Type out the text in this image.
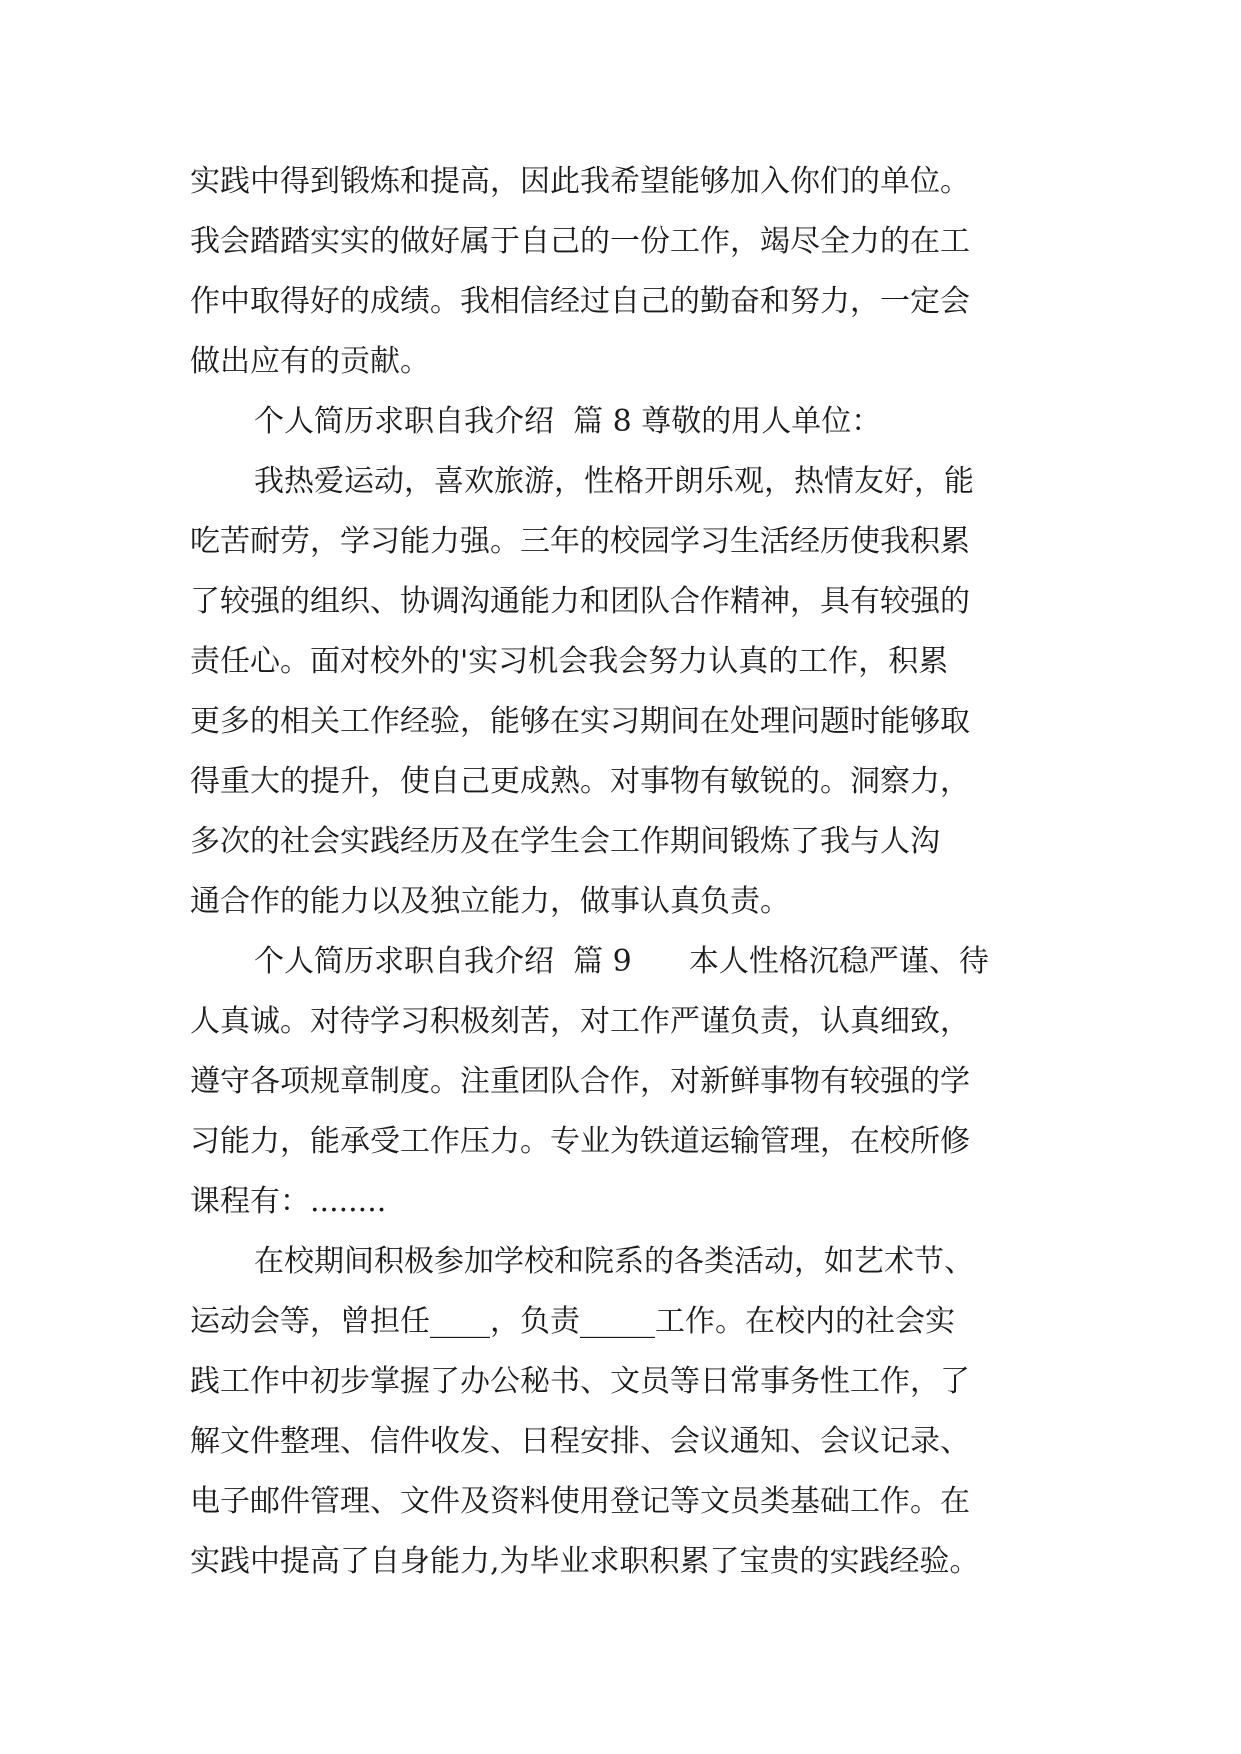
实践中得到锻炼和提高，因此我希望能够加入你们的单位。
我会踏踏实实的做好属于自己的一份工作，竭尽全力的在工
作中取得好的成绩。我相信经过自己的勤奋和努力，一定会
做出应有的贡献。
个人简历求职自我介绍  篇 8 尊敬的用人单位：
我热爱运动，喜欢旅游，性格开朗乐观，热情友好，能
吃苦耐劳，学习能力强。三年的校园学习生活经历使我积累
了较强的组织、协调沟通能力和团队合作精神，具有较强的
责任心。面对校外的'实习机会我会努力认真的工作，积累
更多的相关工作经验，能够在实习期间在处理问题时能够取
得重大的提升，使自己更成熟。对事物有敏锐的。洞察力，
多次的社会实践经历及在学生会工作期间锻炼了我与人沟
通合作的能力以及独立能力，做事认真负责。
个人简历求职自我介绍  篇 9      本人性格沉稳严谨、待
人真诚。对待学习积极刻苦，对工作严谨负责，认真细致，
遵守各项规章制度。注重团队合作，对新鲜事物有较强的学
习能力，能承受工作压力。专业为铁道运输管理，在校所修
课程有：........
在校期间积极参加学校和院系的各类活动，如艺术节、
运动会等，曾担任____，负责_____工作。在校内的社会实
践工作中初步掌握了办公秘书、文员等日常事务性工作，了
解文件整理、信件收发、日程安排、会议通知、会议记录、
电子邮件管理、文件及资料使用登记等文员类基础工作。在
实践中提高了自身能力,为毕业求职积累了宝贵的实践经验。
